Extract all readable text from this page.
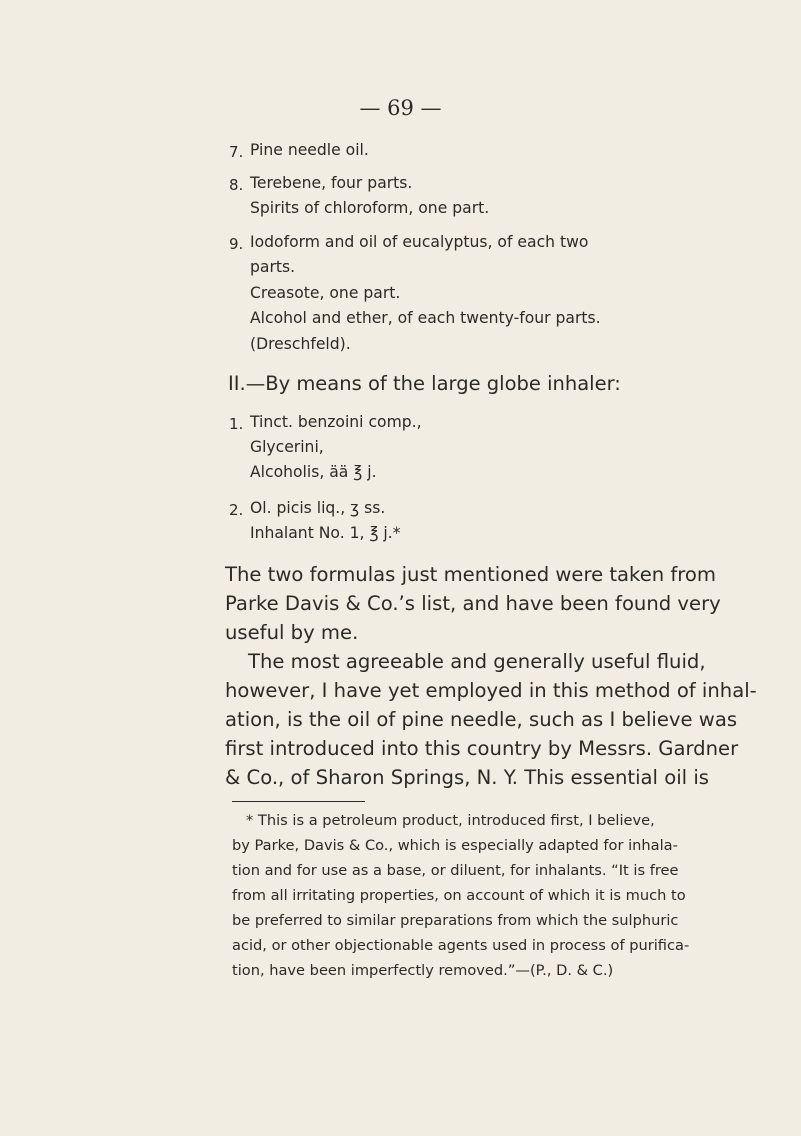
— 69 —
7. Pine needle oil.
8. Terebene, four parts.
Spirits of chloroform, one part.
9. Iodoform and oil of eucalyptus, of each two
parts.
Creasote, one part.
Alcohol and ether, of each twenty-four parts.
(Dreschfeld).
II.—By means of the large globe inhaler:
1. Tinct. benzoini comp.,
Glycerini,
Alcoholis, ää ℥ j.
2. Ol. picis liq., ʒ ss.
Inhalant No. 1, ℥ j.*
The two formulas just mentioned were taken from
Parke Davis & Co.’s list, and have been found very
useful by me.
The most agreeable and generally useful fluid,
however, I have yet employed in this method of inhal-
ation, is the oil of pine needle, such as I believe was
first introduced into this country by Messrs. Gardner
& Co., of Sharon Springs, N. Y. This essential oil is
* This is a petroleum product, introduced first, I believe,
by Parke, Davis & Co., which is especially adapted for inhala-
tion and for use as a base, or diluent, for inhalants. “It is free
from all irritating properties, on account of which it is much to
be preferred to similar preparations from which the sulphuric
acid, or other objectionable agents used in process of purifica-
tion, have been imperfectly removed.”—(P., D. & C.)
